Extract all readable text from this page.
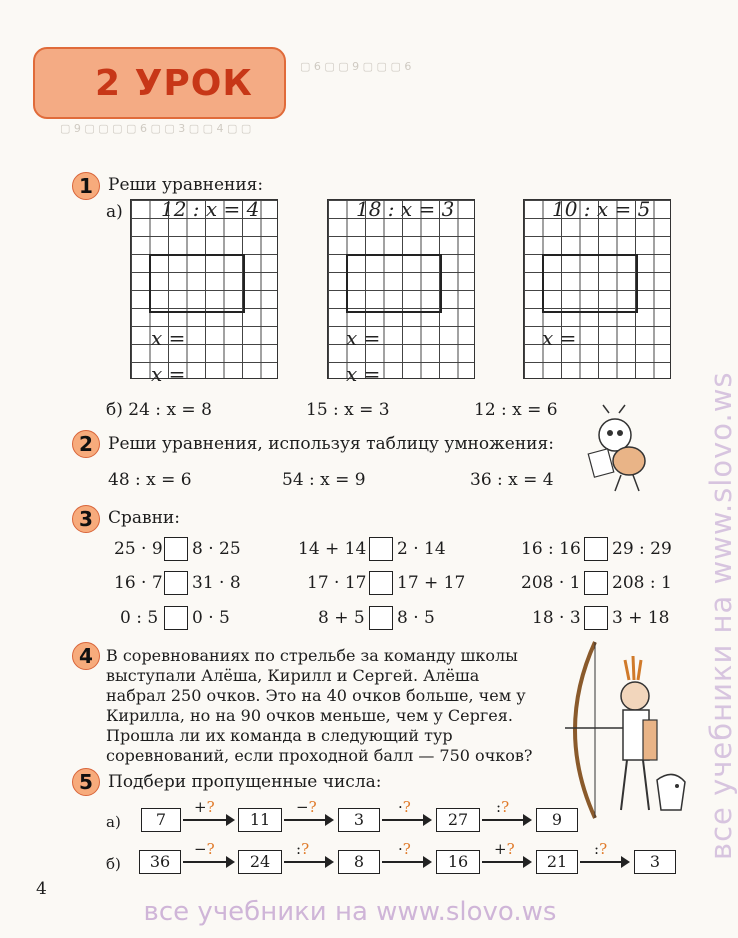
▢ 6 ▢ ▢ 9 ▢ ▢ ▢ 6
▢ 9 ▢ ▢ ▢ ▢ 6 ▢ ▢ 3 ▢ ▢ 4 ▢ ▢
2 УРОК
1 Реши уравнения:
а) 12 : x = 4
x =
x =
18 : x = 3
x =
x =
10 : x = 5
x =
б) 24 : x = 8	15 : x = 3	12 : x = 6
2 Реши уравнения, используя таблицу умножения:
48 : x = 6	54 : x = 9	36 : x = 4
3 Сравни:
25 · 9 8 · 25	14 + 14 2 · 14	16 : 16 29 : 29
16 · 7 31 · 8	17 · 17 17 + 17	208 · 1 208 : 1
0 : 5 0 · 5	8 + 5 8 · 5	18 · 3 3 + 18
4 В соревнованиях по стрельбе за команду школы
выступали Алёша, Кирилл и Сергей. Алёша
набрал 250 очков. Это на 40 очков больше, чем у
Кирилла, но на 90 очков меньше, чем у Сергея.
Прошла ли их команда в следующий тур
соревнований, если проходной балл — 750 очков?
5 Подбери пропущенные числа:
а)	7
+?
11
−?
3
·?
27
:?
9
б)	36
−?
24
:?
8
·?
16
+?
21
:?
3
4
все учебники на www.slovo.ws
все учебники на www.slovo.ws
